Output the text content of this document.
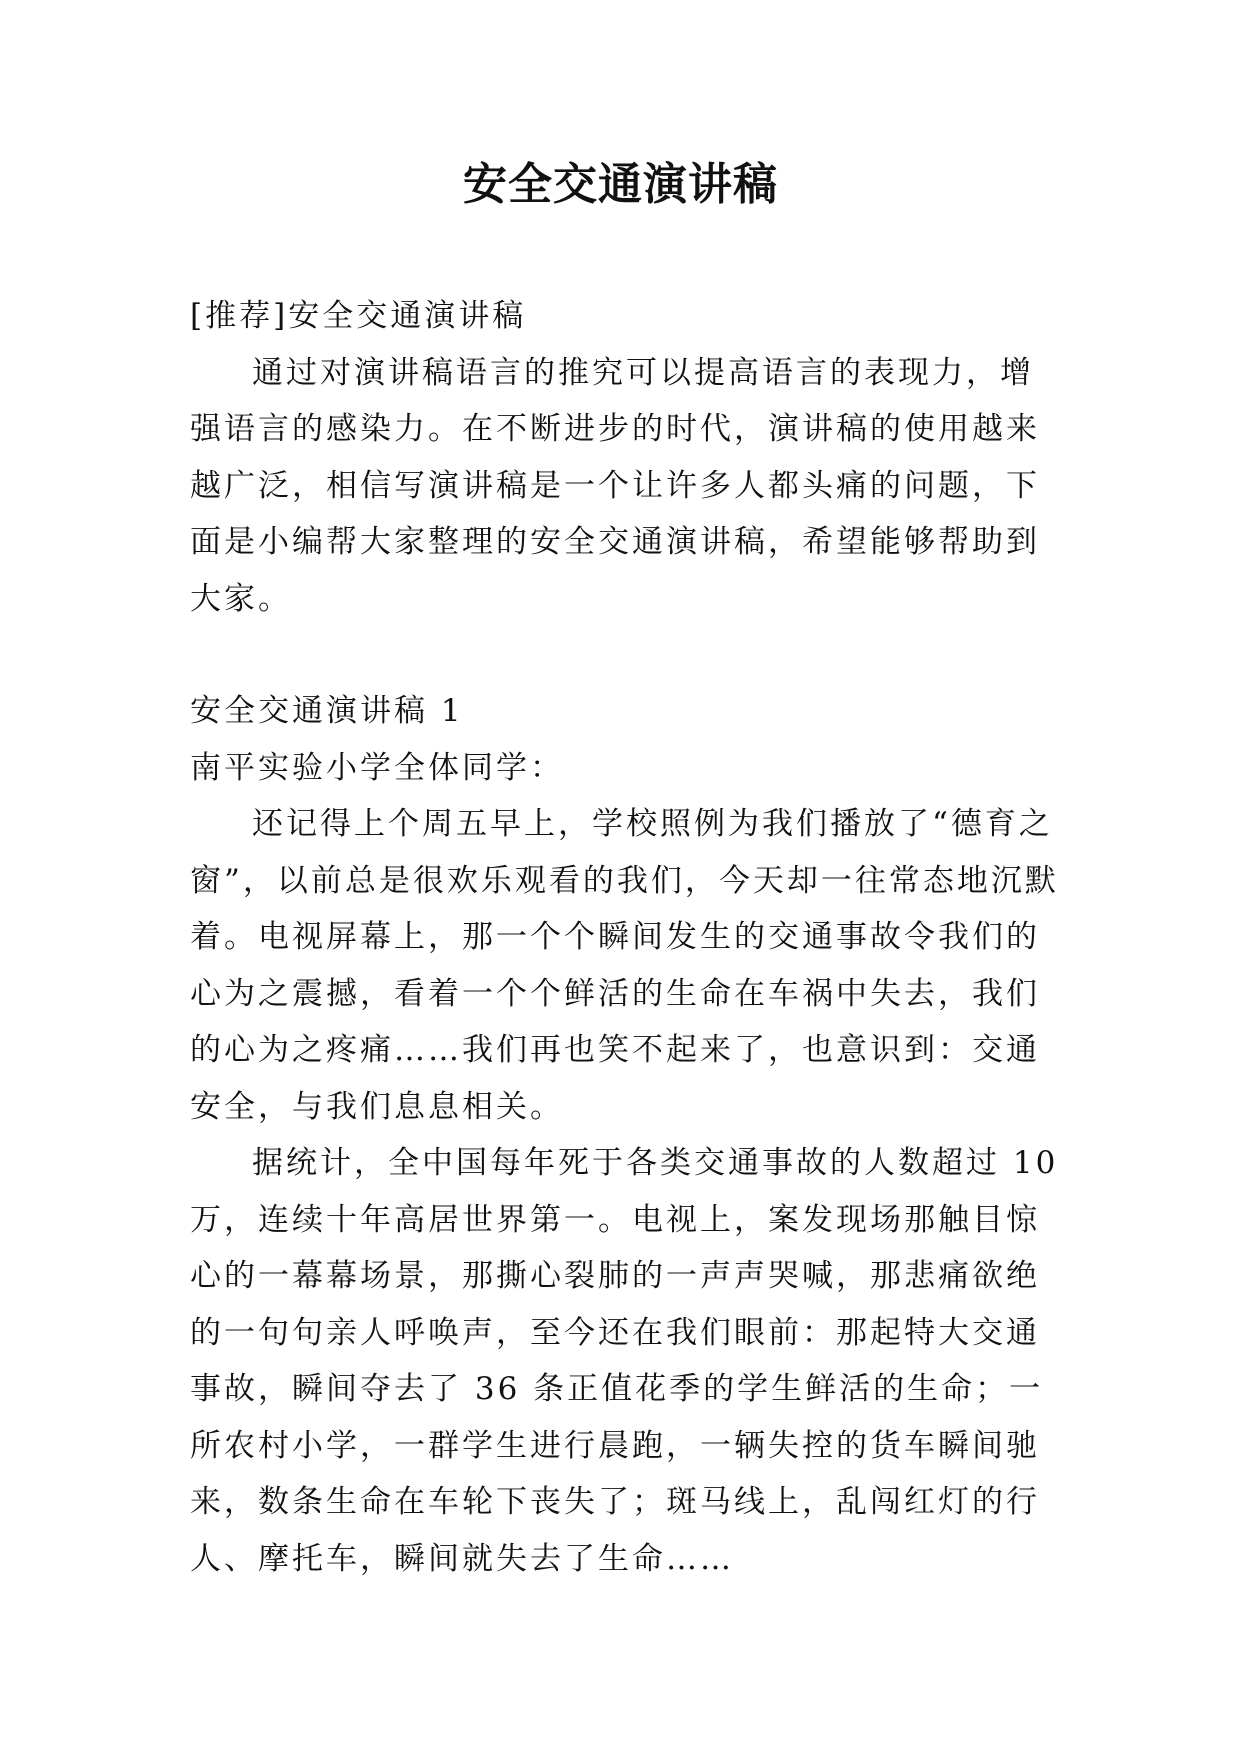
安全交通演讲稿

[推荐]安全交通演讲稿

通过对演讲稿语言的推究可以提高语言的表现力，增强语言的感染力。在不断进步的时代，演讲稿的使用越来越广泛，相信写演讲稿是一个让许多人都头痛的问题，下面是小编帮大家整理的安全交通演讲稿，希望能够帮助到大家。

安全交通演讲稿 1

南平实验小学全体同学：

还记得上个周五早上，学校照例为我们播放了“德育之窗”，以前总是很欢乐观看的我们，今天却一往常态地沉默着。电视屏幕上，那一个个瞬间发生的交通事故令我们的心为之震撼，看着一个个鲜活的生命在车祸中失去，我们的心为之疼痛……我们再也笑不起来了，也意识到：交通安全，与我们息息相关。

据统计，全中国每年死于各类交通事故的人数超过 10 万，连续十年高居世界第一。电视上，案发现场那触目惊心的一幕幕场景，那撕心裂肺的一声声哭喊，那悲痛欲绝的一句句亲人呼唤声，至今还在我们眼前：那起特大交通事故，瞬间夺去了 36 条正值花季的学生鲜活的生命；一所农村小学，一群学生进行晨跑，一辆失控的货车瞬间驰来，数条生命在车轮下丧失了；斑马线上，乱闯红灯的行人、摩托车，瞬间就失去了生命……
